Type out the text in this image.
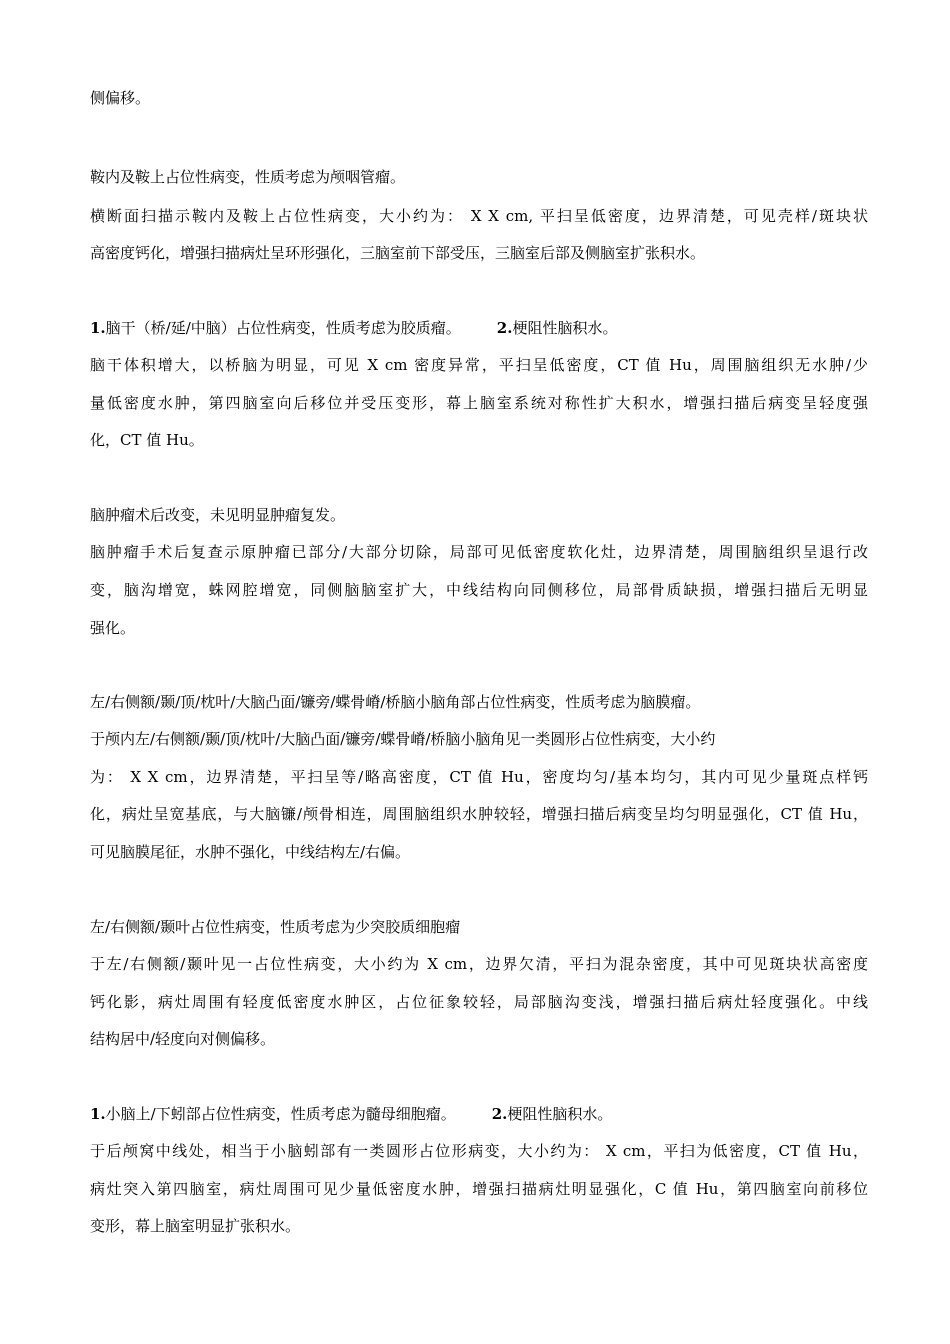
侧偏移。
鞍内及鞍上占位性病变，性质考虑为颅咽管瘤。
横断面扫描示鞍内及鞍上占位性病变，大小约为： X X cm, 平扫呈低密度，边界清楚，可见壳样/斑块状
高密度钙化，增强扫描病灶呈环形强化，三脑室前下部受压，三脑室后部及侧脑室扩张积水。
1.脑干（桥/延/中脑）占位性病变，性质考虑为胶质瘤。 2.梗阻性脑积水。
脑干体积增大，以桥脑为明显，可见 X cm 密度异常，平扫呈低密度，CT 值 Hu，周围脑组织无水肿/少
量低密度水肿，第四脑室向后移位并受压变形，幕上脑室系统对称性扩大积水，增强扫描后病变呈轻度强
化，CT 值 Hu。
脑肿瘤术后改变，未见明显肿瘤复发。
脑肿瘤手术后复查示原肿瘤已部分/大部分切除，局部可见低密度软化灶，边界清楚，周围脑组织呈退行改
变，脑沟增宽，蛛网腔增宽，同侧脑脑室扩大，中线结构向同侧移位，局部骨质缺损，增强扫描后无明显
强化。
左/右侧额/颞/顶/枕叶/大脑凸面/镰旁/蝶骨嵴/桥脑小脑角部占位性病变，性质考虑为脑膜瘤。
于颅内左/右侧额/颞/顶/枕叶/大脑凸面/镰旁/蝶骨嵴/桥脑小脑角见一类圆形占位性病变，大小约
为： X X cm，边界清楚，平扫呈等/略高密度，CT 值 Hu，密度均匀/基本均匀，其内可见少量斑点样钙
化，病灶呈宽基底，与大脑镰/颅骨相连，周围脑组织水肿较轻，增强扫描后病变呈均匀明显强化，CT 值 Hu，
可见脑膜尾征，水肿不强化，中线结构左/右偏。
左/右侧额/颞叶占位性病变，性质考虑为少突胶质细胞瘤
于左/右侧额/颞叶见一占位性病变，大小约为 X cm，边界欠清，平扫为混杂密度，其中可见斑块状高密度
钙化影，病灶周围有轻度低密度水肿区，占位征象较轻，局部脑沟变浅，增强扫描后病灶轻度强化。中线
结构居中/轻度向对侧偏移。
1.小脑上/下蚓部占位性病变，性质考虑为髓母细胞瘤。 2.梗阻性脑积水。
于后颅窝中线处，相当于小脑蚓部有一类圆形占位形病变，大小约为： X cm，平扫为低密度，CT 值 Hu，
病灶突入第四脑室，病灶周围可见少量低密度水肿，增强扫描病灶明显强化，C 值 Hu，第四脑室向前移位
变形，幕上脑室明显扩张积水。
